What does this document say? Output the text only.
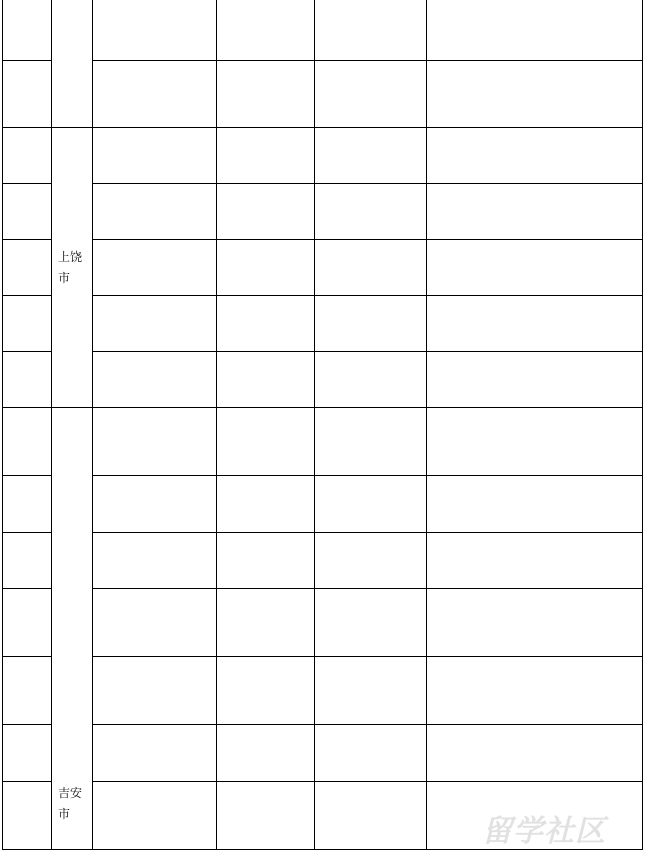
	上饶市				

	吉安市				

					留学社区
